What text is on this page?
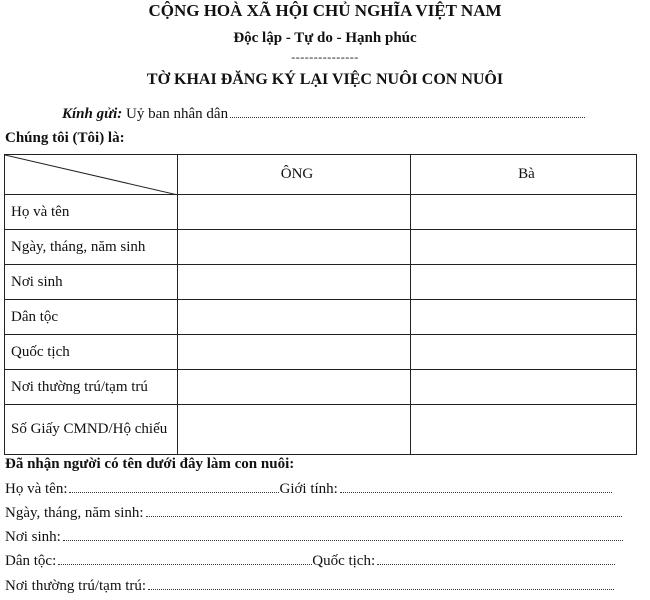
CỘNG HOÀ XÃ HỘI CHỦ NGHĨA VIỆT NAM
Độc lập - Tự do - Hạnh phúc
---------------
TỜ KHAI ĐĂNG KÝ LẠI VIỆC NUÔI CON NUÔI
Kính gửi: Uỷ ban nhân dân
Chúng tôi (Tôi) là:
	ÔNG	Bà
Họ và tên		
Ngày, tháng, năm sinh		
Nơi sinh		
Dân tộc		
Quốc tịch		
Nơi thường trú/tạm trú		
Số Giấy CMND/Hộ chiếu		
Đã nhận người có tên dưới đây làm con nuôi:
Họ và tên:	Giới tính:
Ngày, tháng, năm sinh:
Nơi sinh:
Dân tộc:	Quốc tịch:
Nơi thường trú/tạm trú:
